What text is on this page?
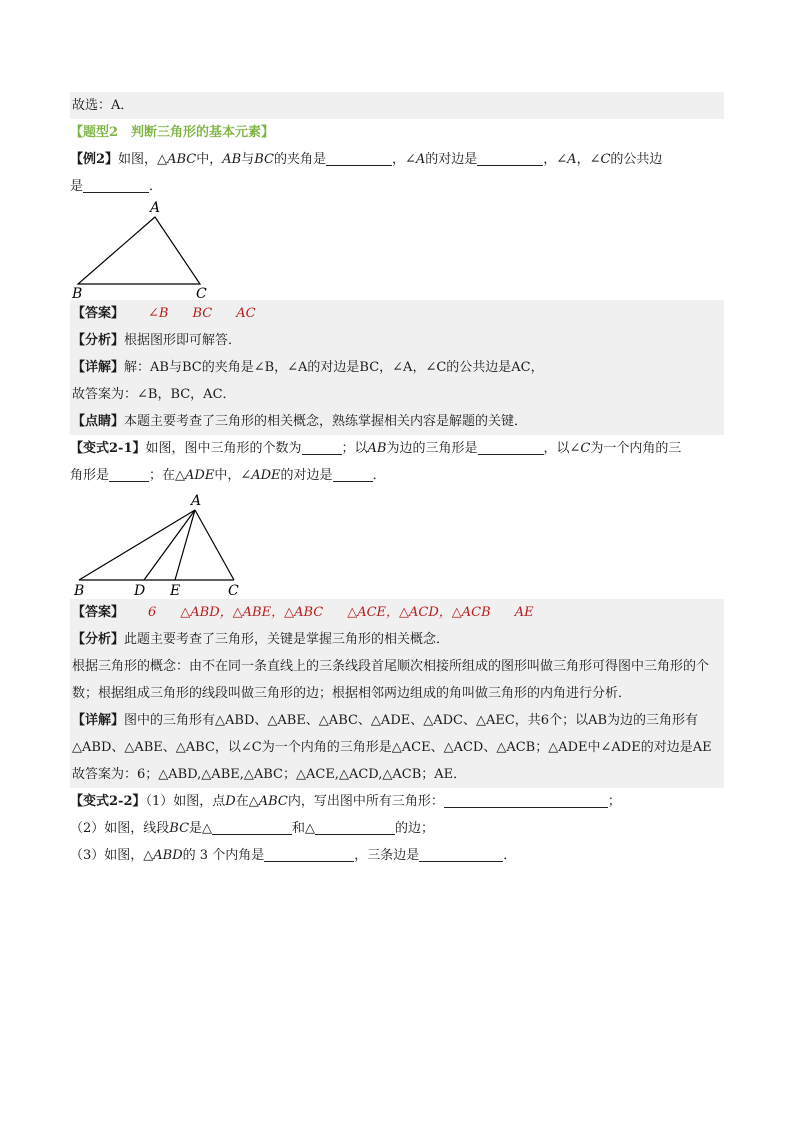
故选：A．
【题型2　判断三角形的基本元素】
【例2】如图，△ABC中，AB与BC的夹角是	，∠A的对边是	，∠A，∠C的公共边
是	．
A
B	C
【答案】 ∠B BC AC
【分析】根据图形即可解答．
【详解】解：AB与BC的夹角是∠B，∠A的对边是BC，∠A，∠C的公共边是AC，
故答案为：∠B，BC，AC．
【点睛】本题主要考查了三角形的相关概念，熟练掌握相关内容是解题的关键．
【变式2-1】如图，图中三角形的个数为	；以AB为边的三角形是	，以∠C为一个内角的三
角形是	；在△ADE中，∠ADE的对边是	．
A
B	D E	C
【答案】 6 △ABD，△ABE，△ABC △ACE，△ACD，△ACB AE
【分析】此题主要考查了三角形，关键是掌握三角形的相关概念．
根据三角形的概念：由不在同一条直线上的三条线段首尾顺次相接所组成的图形叫做三角形可得图中三角形的个数；根据组成三角形的线段叫做三角形的边；根据相邻两边组成的角叫做三角形的内角进行分析．
【详解】图中的三角形有△ABD、△ABE、△ABC、△ADE、△ADC、△AEC，共6个；以AB为边的三角形有△ABD、△ABE、△ABC，以∠C为一个内角的三角形是△ACE、△ACD、△ACB；△ADE中∠ADE的对边是AE
故答案为：6；△ABD,△ABE,△ABC；△ACE,△ACD,△ACB；AE．
【变式2-2】（1）如图，点D在△ABC内，写出图中所有三角形：	；
（2）如图，线段BC是△	和△	的边；
（3）如图，△ABD的 3 个内角是	，三条边是	．
